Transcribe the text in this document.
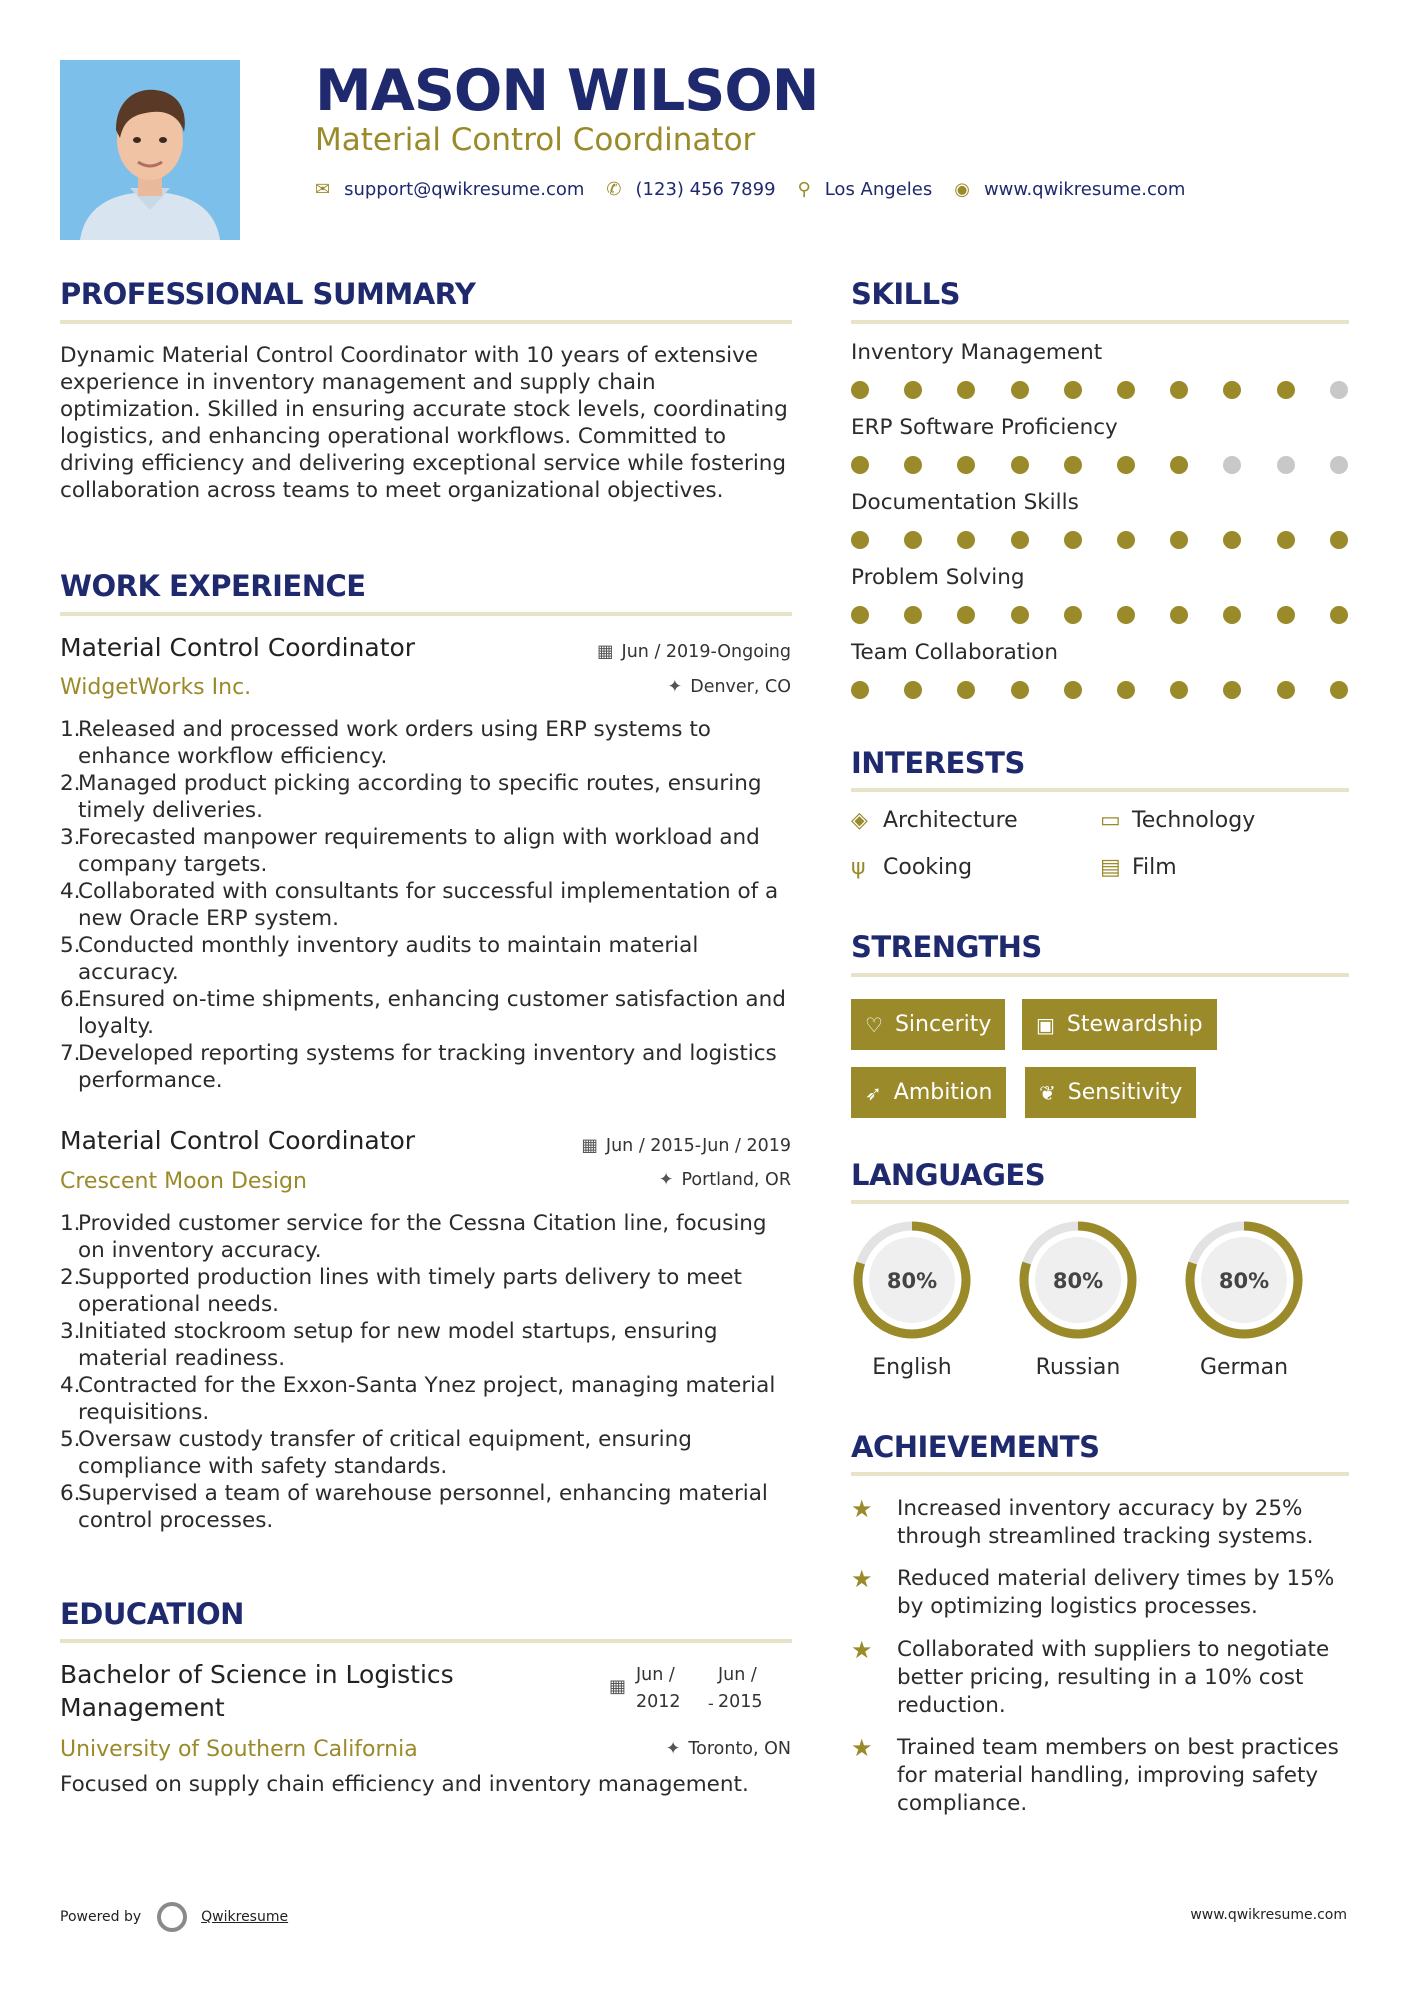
MASON WILSON
Material Control Coordinator
✉ support@qwikresume.com ✆ (123) 456 7899 ⚲ Los Angeles ◉ www.qwikresume.com
PROFESSIONAL SUMMARY
Dynamic Material Control Coordinator with 10 years of extensive experience in inventory management and supply chain optimization. Skilled in ensuring accurate stock levels, coordinating logistics, and enhancing operational workflows. Committed to driving efficiency and delivering exceptional service while fostering collaboration across teams to meet organizational objectives.
WORK EXPERIENCE
Material Control Coordinator	▦ Jun / 2019-Ongoing
WidgetWorks Inc.	✦ Denver, CO
1.
Released and processed work orders using ERP systems to enhance workflow efficiency.
2.
Managed product picking according to specific routes, ensuring timely deliveries.
3.
Forecasted manpower requirements to align with workload and company targets.
4.
Collaborated with consultants for successful implementation of a new Oracle ERP system.
5.
Conducted monthly inventory audits to maintain material accuracy.
6.
Ensured on-time shipments, enhancing customer satisfaction and loyalty.
7.
Developed reporting systems for tracking inventory and logistics performance.
Material Control Coordinator	▦ Jun / 2015-Jun / 2019
Crescent Moon Design	✦ Portland, OR
1.
Provided customer service for the Cessna Citation line, focusing on inventory accuracy.
2.
Supported production lines with timely parts delivery to meet operational needs.
3.
Initiated stockroom setup for new model startups, ensuring material readiness.
4.
Contracted for the Exxon-Santa Ynez project, managing material requisitions.
5.
Oversaw custody transfer of critical equipment, ensuring compliance with safety standards.
6.
Supervised a team of warehouse personnel, enhancing material control processes.
EDUCATION
Bachelor of Science in Logistics
Management
▦
Jun /
2012 -
Jun /
2015
University of Southern California	✦ Toronto, ON
Focused on supply chain efficiency and inventory management.
SKILLS
Inventory Management
ERP Software Proficiency
Documentation Skills
Problem Solving
Team Collaboration
INTERESTS
◈ Architecture	▭ Technology
ψ Cooking	▤ Film
STRENGTHS
♡ Sincerity ▣ Stewardship
➶ Ambition ❦ Sensitivity
LANGUAGES
80%
English
80%
Russian
80%
German
ACHIEVEMENTS
★	Increased inventory accuracy by 25% through streamlined tracking systems.
★	Reduced material delivery times by 15% by optimizing logistics processes.
★	Collaborated with suppliers to negotiate better pricing, resulting in a 10% cost reduction.
★	Trained team members on best practices for material handling, improving safety compliance.
Powered by	Qwikresume	www.qwikresume.com
